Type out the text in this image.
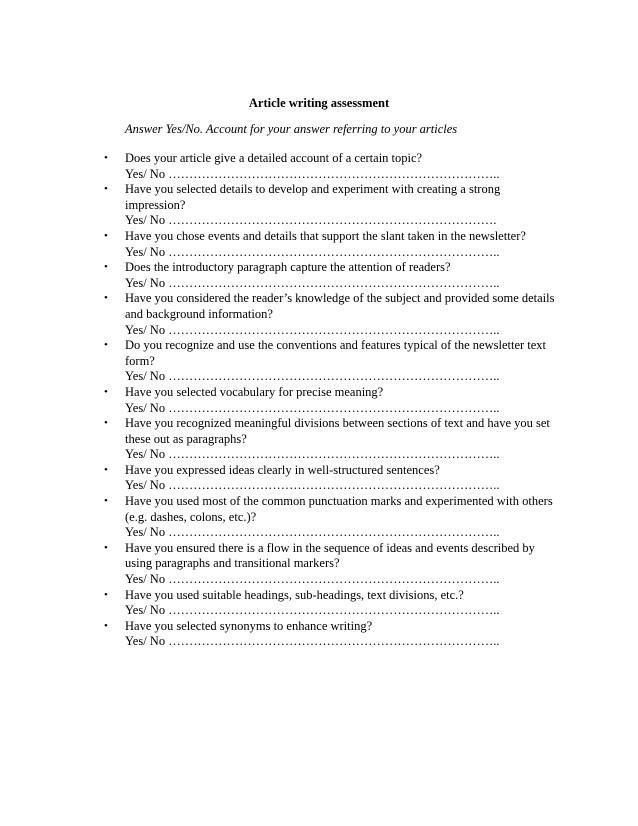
Article writing assessment
Answer Yes/No. Account for your answer referring to your articles
• Does your article give a detailed account of a certain topic?
Yes/ No ……………………………………………………………………..
• Have you selected details to develop and experiment with creating a strong impression?
Yes/ No …………………………………………………………………….
• Have you chose events and details that support the slant taken in the newsletter?
Yes/ No ……………………………………………………………………..
• Does the introductory paragraph capture the attention of readers?
Yes/ No ……………………………………………………………………..
• Have you considered the reader’s knowledge of the subject and provided some details and background information?
Yes/ No ……………………………………………………………………..
• Do you recognize and use the conventions and features typical of the newsletter text form?
Yes/ No ……………………………………………………………………..
• Have you selected vocabulary for precise meaning?
Yes/ No ……………………………………………………………………..
• Have you recognized meaningful divisions between sections of text and have you set these out as paragraphs?
Yes/ No ……………………………………………………………………..
• Have you expressed ideas clearly in well-structured sentences?
Yes/ No ……………………………………………………………………..
• Have you used most of the common punctuation marks and experimented with others (e.g. dashes, colons, etc.)?
Yes/ No ……………………………………………………………………..
• Have you ensured there is a flow in the sequence of ideas and events described by using paragraphs and transitional markers?
Yes/ No ……………………………………………………………………..
• Have you used suitable headings, sub-headings, text divisions, etc.?
Yes/ No ……………………………………………………………………..
• Have you selected synonyms to enhance writing?
Yes/ No ……………………………………………………………………..
